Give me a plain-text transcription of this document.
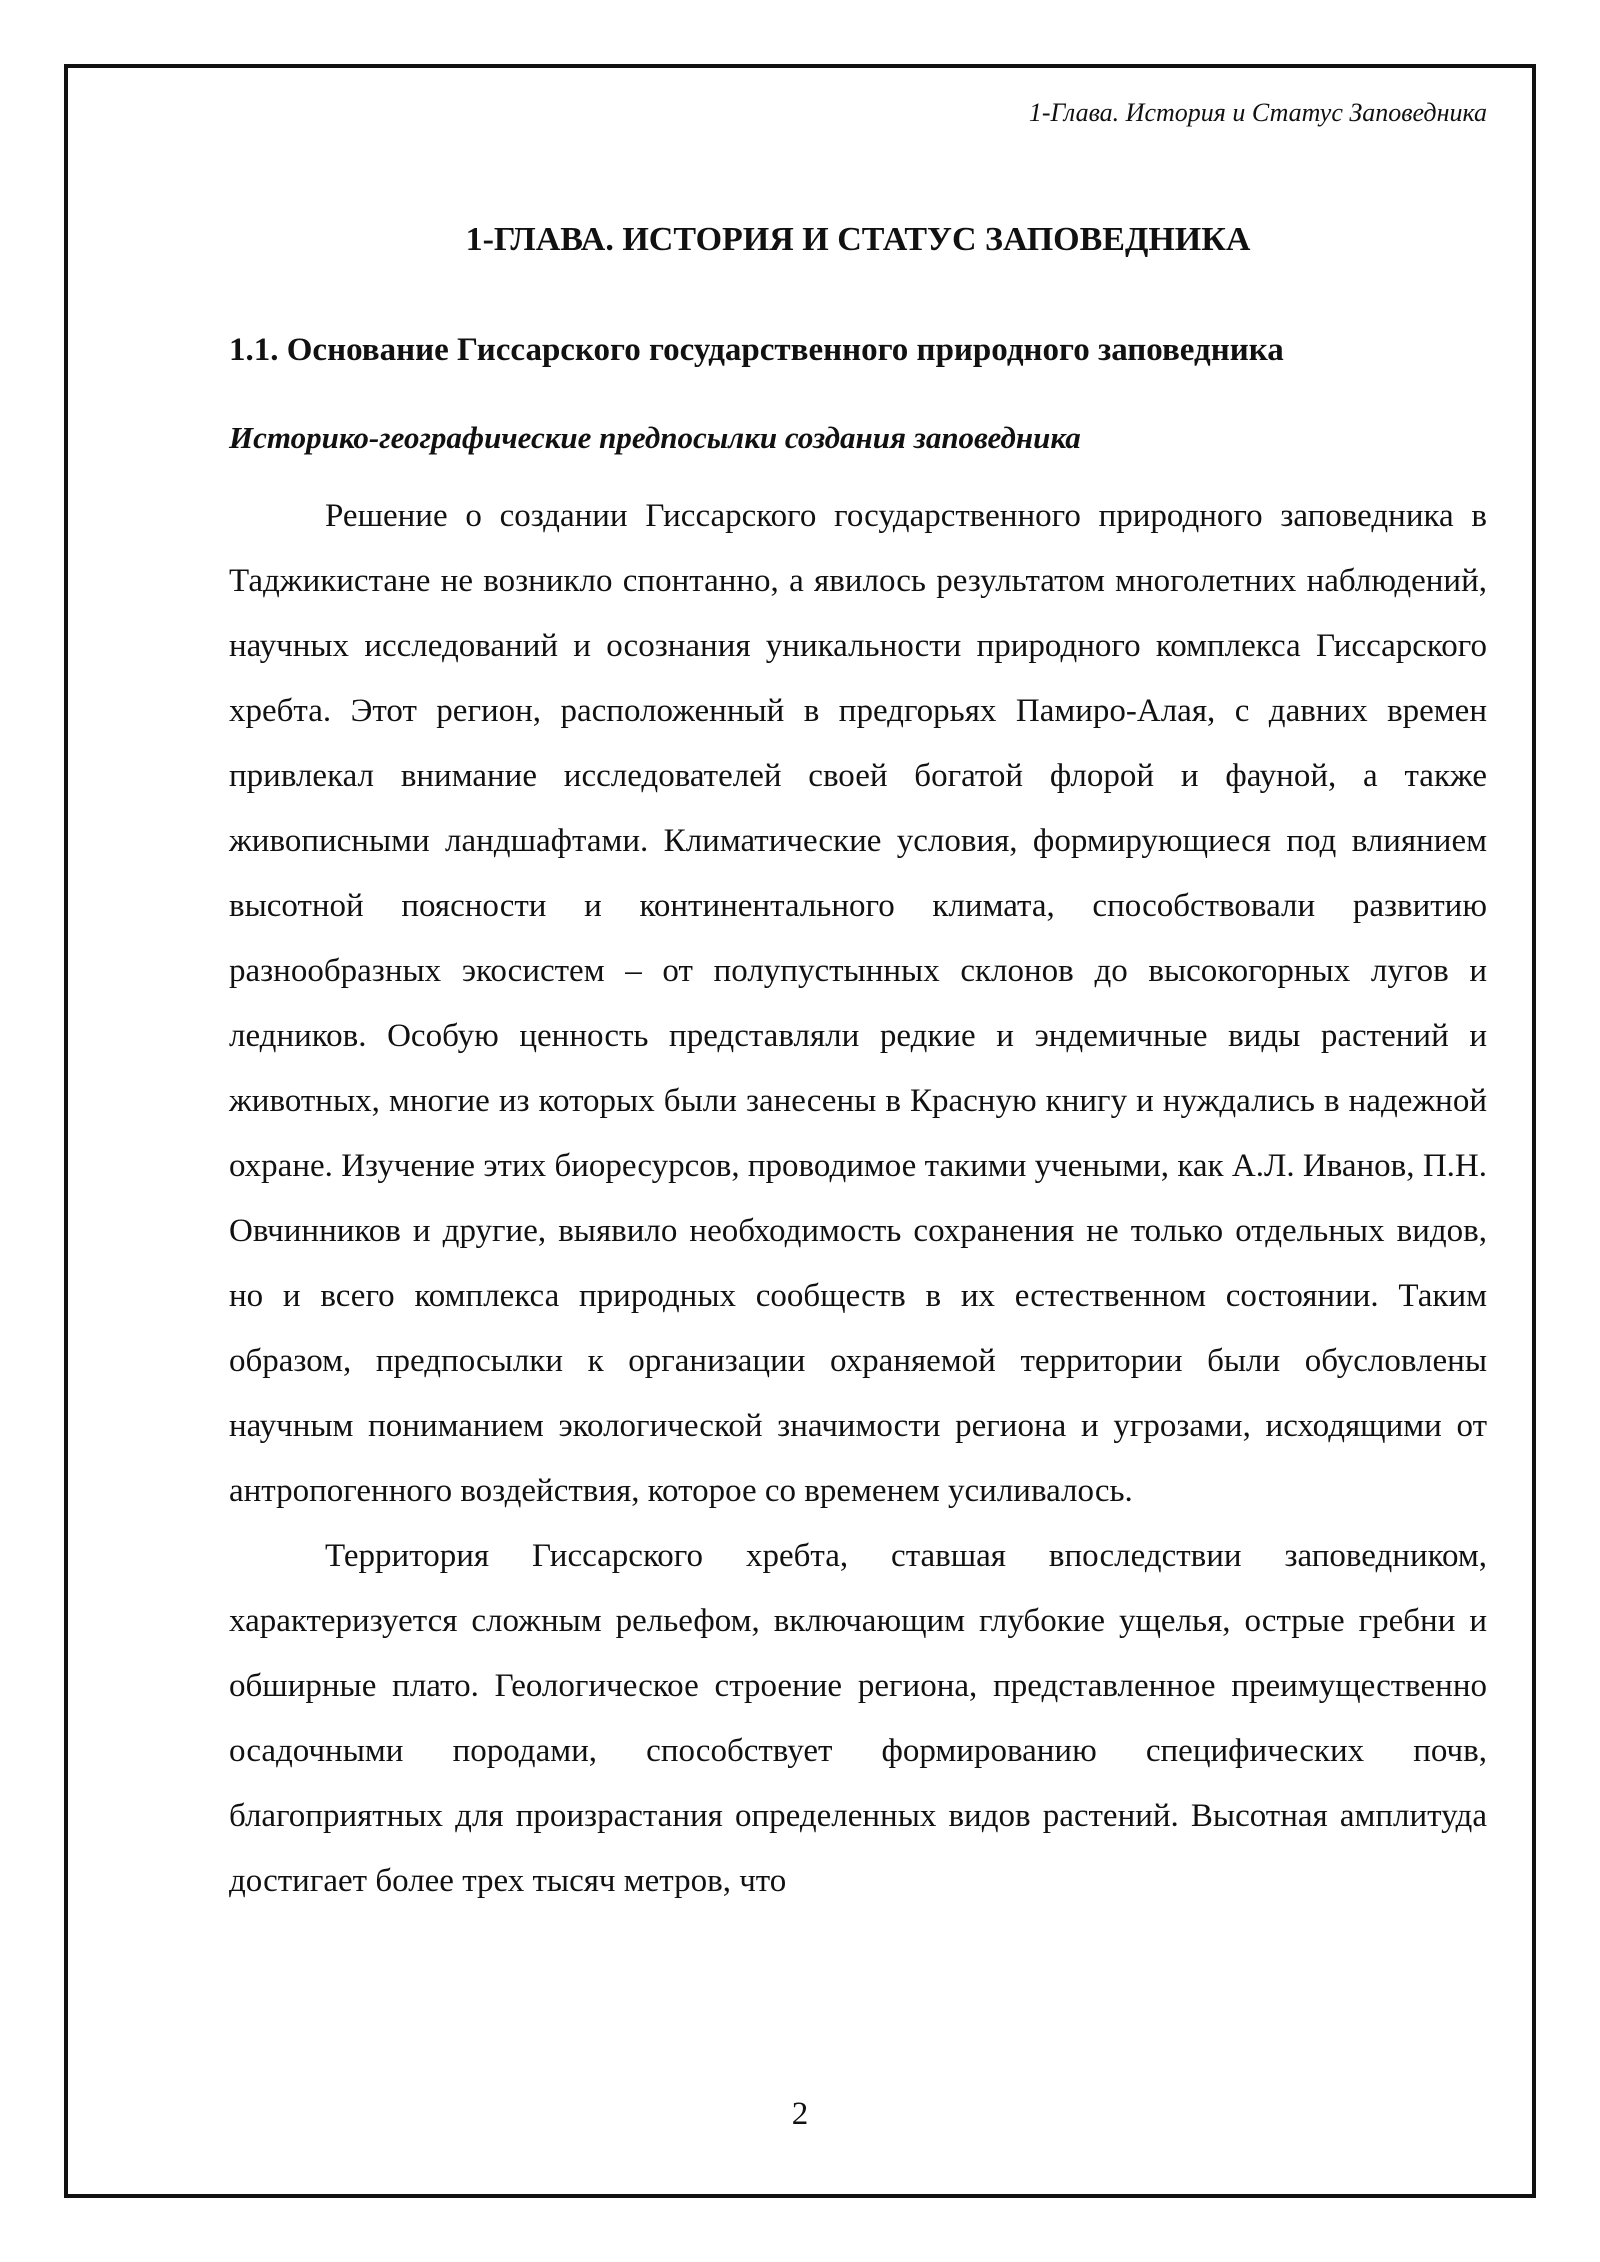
1-Глава. История и Статус Заповедника
1-ГЛАВА. ИСТОРИЯ И СТАТУС ЗАПОВЕДНИКА
1.1. Основание Гиссарского государственного природного заповедника
Историко-географические предпосылки создания заповедника

Решение о создании Гиссарского государственного природного заповедника в Таджикистане не возникло спонтанно, а явилось результатом многолетних наблюдений, научных исследований и осознания уникальности природного комплекса Гиссарского хребта. Этот регион, расположенный в предгорьях Памиро-Алая, с давних времен привлекал внимание исследователей своей богатой флорой и фауной, а также живописными ландшафтами. Климатические условия, формирующиеся под влиянием высотной поясности и континентального климата, способствовали развитию разнообразных экосистем – от полупустынных склонов до высокогорных лугов и ледников. Особую ценность представляли редкие и эндемичные виды растений и животных, многие из которых были занесены в Красную книгу и нуждались в надежной охране. Изучение этих биоресурсов, проводимое такими учеными, как А.Л. Иванов, П.Н. Овчинников и другие, выявило необходимость сохранения не только отдельных видов, но и всего комплекса природных сообществ в их естественном состоянии. Таким образом, предпосылки к организации охраняемой территории были обусловлены научным пониманием экологической значимости региона и угрозами, исходящими от антропогенного воздействия, которое со временем усиливалось.

Территория Гиссарского хребта, ставшая впоследствии заповедником, характеризуется сложным рельефом, включающим глубокие ущелья, острые гребни и обширные плато. Геологическое строение региона, представленное преимущественно осадочными породами, способствует формированию специфических почв, благоприятных для произрастания определенных видов растений. Высотная амплитуда достигает более трех тысяч метров, что

2
